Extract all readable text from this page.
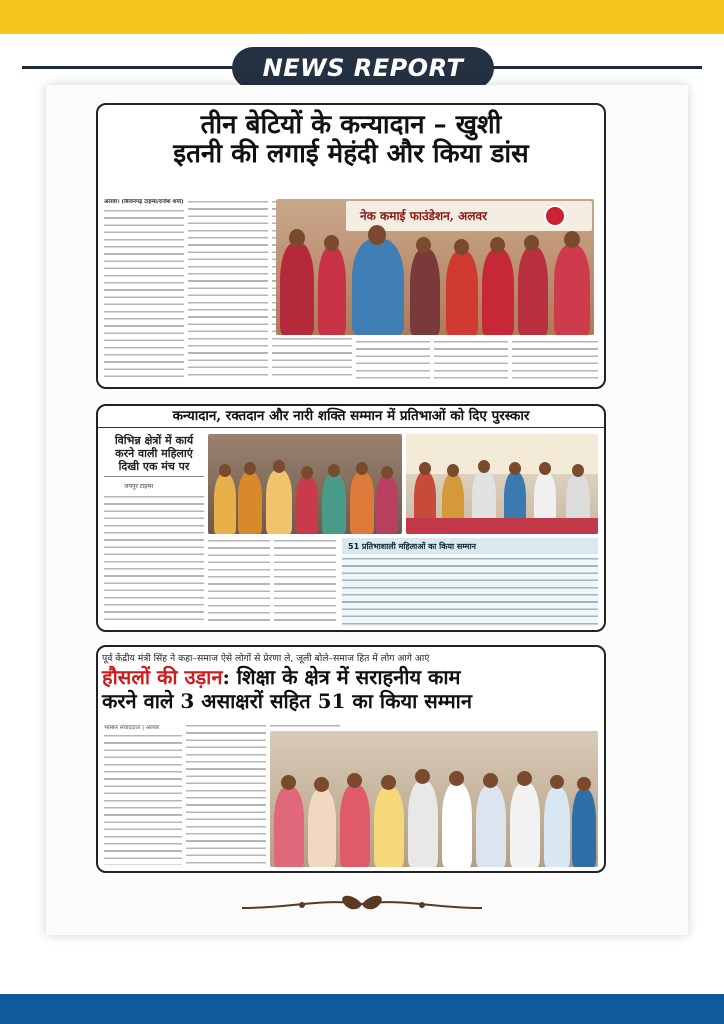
NEWS REPORT
तीन बेटियों के कन्यादान – खुशी
इतनी की लगाई मेहंदी और किया डांस
अलवर। (बिजनगढ़ टाइम्स/राजेश शर्मा)
नेक कमाई फाउंडेशन, अलवर
कन्यादान, रक्तदान और नारी शक्ति सम्मान में प्रतिभाओं को दिए पुरस्कार
विभिन्न क्षेत्रों में कार्य
करने वाली महिलाएं
दिखी एक मंच पर
जयपुर टाइम्स
51 प्रतिभाशाली महिलाओं का किया सम्मान
पूर्व केंद्रीय मंत्री सिंह ने कहा–समाज ऐसे लोगों से प्रेरणा ले, जूली बोले–समाज हित में लोग आगे आएं
हौसलों की उड़ान: शिक्षा के क्षेत्र में सराहनीय काम
करने वाले 3 असाक्षरों सहित 51 का किया सम्मान
भास्कर संवाददाता | अलवर
